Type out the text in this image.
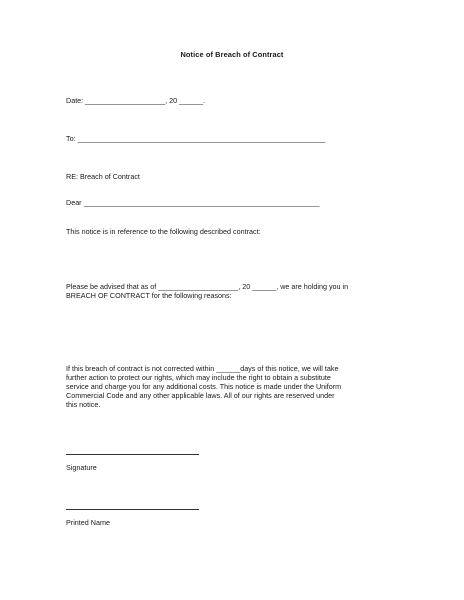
Notice of Breach of Contract
Date: ____________________, 20 ______.
To: ______________________________________________________________
RE: Breach of Contract
Dear ___________________________________________________________
This notice is in reference to the following described contract:
Please be advised that as of ____________________, 20 ______, we are holding you in
BREACH OF CONTRACT for the following reasons:
If this breach of contract is not corrected within ______days of this notice, we will take
further action to protect our rights, which may include the right to obtain a substitute
service and charge you for any additional costs. This notice is made under the Uniform
Commercial Code and any other applicable laws. All of our rights are reserved under
this notice.
Signature
Printed Name
